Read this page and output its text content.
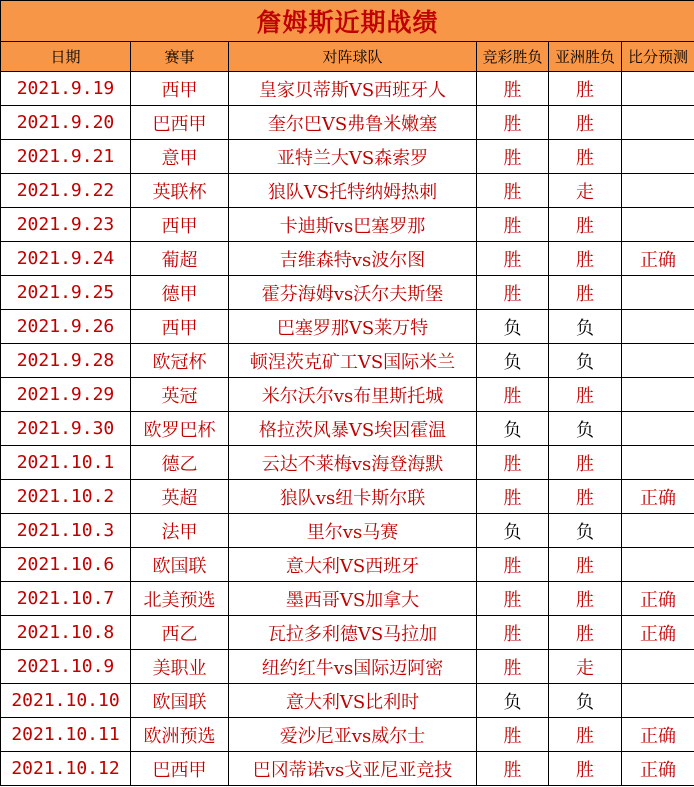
詹姆斯近期战绩					
日期	赛事	对阵球队	竞彩胜负	亚洲胜负	比分预测
2021.9.19	西甲	皇家贝蒂斯VS西班牙人	胜	胜	
2021.9.20	巴西甲	奎尔巴VS弗鲁米嫩塞	胜	胜	
2021.9.21	意甲	亚特兰大VS森索罗	胜	胜	
2021.9.22	英联杯	狼队VS托特纳姆热刺	胜	走	
2021.9.23	西甲	卡迪斯vs巴塞罗那	胜	胜	
2021.9.24	葡超	吉维森特vs波尔图	胜	胜	正确
2021.9.25	德甲	霍芬海姆vs沃尔夫斯堡	胜	胜	
2021.9.26	西甲	巴塞罗那VS莱万特	负	负	
2021.9.28	欧冠杯	顿涅茨克矿工VS国际米兰	负	负	
2021.9.29	英冠	米尔沃尔vs布里斯托城	胜	胜	
2021.9.30	欧罗巴杯	格拉茨风暴VS埃因霍温	负	负	
2021.10.1	德乙	云达不莱梅vs海登海默	胜	胜	
2021.10.2	英超	狼队vs纽卡斯尔联	胜	胜	正确
2021.10.3	法甲	里尔vs马赛	负	负	
2021.10.6	欧国联	意大利VS西班牙	胜	胜	
2021.10.7	北美预选	墨西哥VS加拿大	胜	胜	正确
2021.10.8	西乙	瓦拉多利德VS马拉加	胜	胜	正确
2021.10.9	美职业	纽约红牛vs国际迈阿密	胜	走	
2021.10.10	欧国联	意大利VS比利时	负	负	
2021.10.11	欧洲预选	爱沙尼亚vs威尔士	胜	胜	正确
2021.10.12	巴西甲	巴冈蒂诺vs戈亚尼亚竞技	胜	胜	正确
